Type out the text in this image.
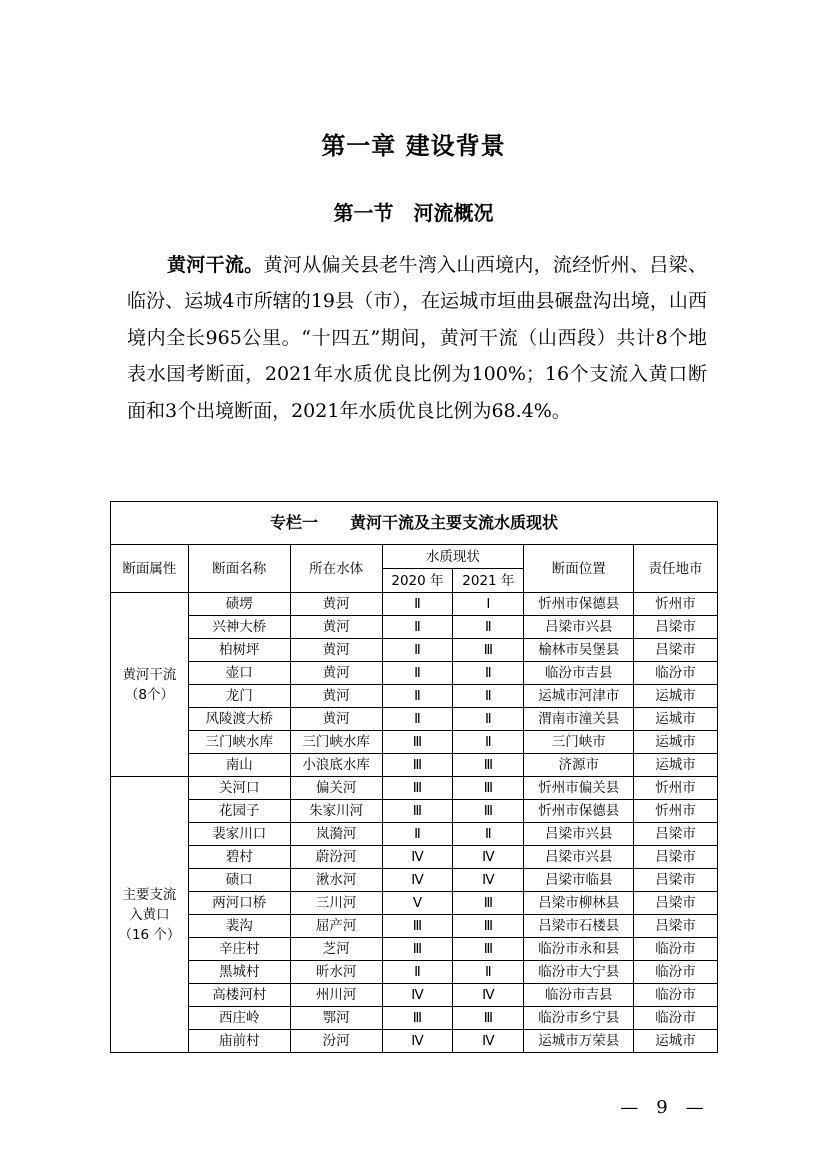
第一章 建设背景
第一节　河流概况
黄河干流。黄河从偏关县老牛湾入山西境内，流经忻州、吕梁、临汾、运城4市所辖的19县（市），在运城市垣曲县碾盘沟出境，山西境内全长965公里。“十四五”期间，黄河干流（山西段）共计8个地表水国考断面，2021年水质优良比例为100%；16个支流入黄口断面和3个出境断面，2021年水质优良比例为68.4%。
专栏一　　黄河干流及主要支流水质现状						
断面属性	断面名称	所在水体	水质现状		断面位置	责任地市
			2020 年	2021 年		

黄河干流
（8个）	碛塄	黄河	Ⅱ	Ⅰ	忻州市保德县	忻州市
	兴神大桥	黄河	Ⅱ	Ⅱ	吕梁市兴县	吕梁市
	柏树坪	黄河	Ⅱ	Ⅲ	榆林市吴堡县	吕梁市
	壶口	黄河	Ⅱ	Ⅱ	临汾市吉县	临汾市
	龙门	黄河	Ⅱ	Ⅱ	运城市河津市	运城市
	风陵渡大桥	黄河	Ⅱ	Ⅱ	渭南市潼关县	运城市
	三门峡水库	三门峡水库	Ⅲ	Ⅱ	三门峡市	运城市
	南山	小浪底水库	Ⅲ	Ⅲ	济源市	运城市

主要支流
入黄口
（16 个）	关河口	偏关河	Ⅲ	Ⅲ	忻州市偏关县	忻州市
	花园子	朱家川河	Ⅲ	Ⅲ	忻州市保德县	忻州市
	裴家川口	岚漪河	Ⅱ	Ⅱ	吕梁市兴县	吕梁市
	碧村	蔚汾河	Ⅳ	Ⅳ	吕梁市兴县	吕梁市
	碛口	湫水河	Ⅳ	Ⅳ	吕梁市临县	吕梁市
	两河口桥	三川河	Ⅴ	Ⅲ	吕梁市柳林县	吕梁市
	裴沟	屈产河	Ⅲ	Ⅲ	吕梁市石楼县	吕梁市
	辛庄村	芝河	Ⅲ	Ⅲ	临汾市永和县	临汾市
	黑城村	昕水河	Ⅱ	Ⅱ	临汾市大宁县	临汾市
	高楼河村	州川河	Ⅳ	Ⅳ	临汾市吉县	临汾市
	西庄岭	鄂河	Ⅲ	Ⅲ	临汾市乡宁县	临汾市
	庙前村	汾河	Ⅳ	Ⅳ	运城市万荣县	运城市
—　9　—
